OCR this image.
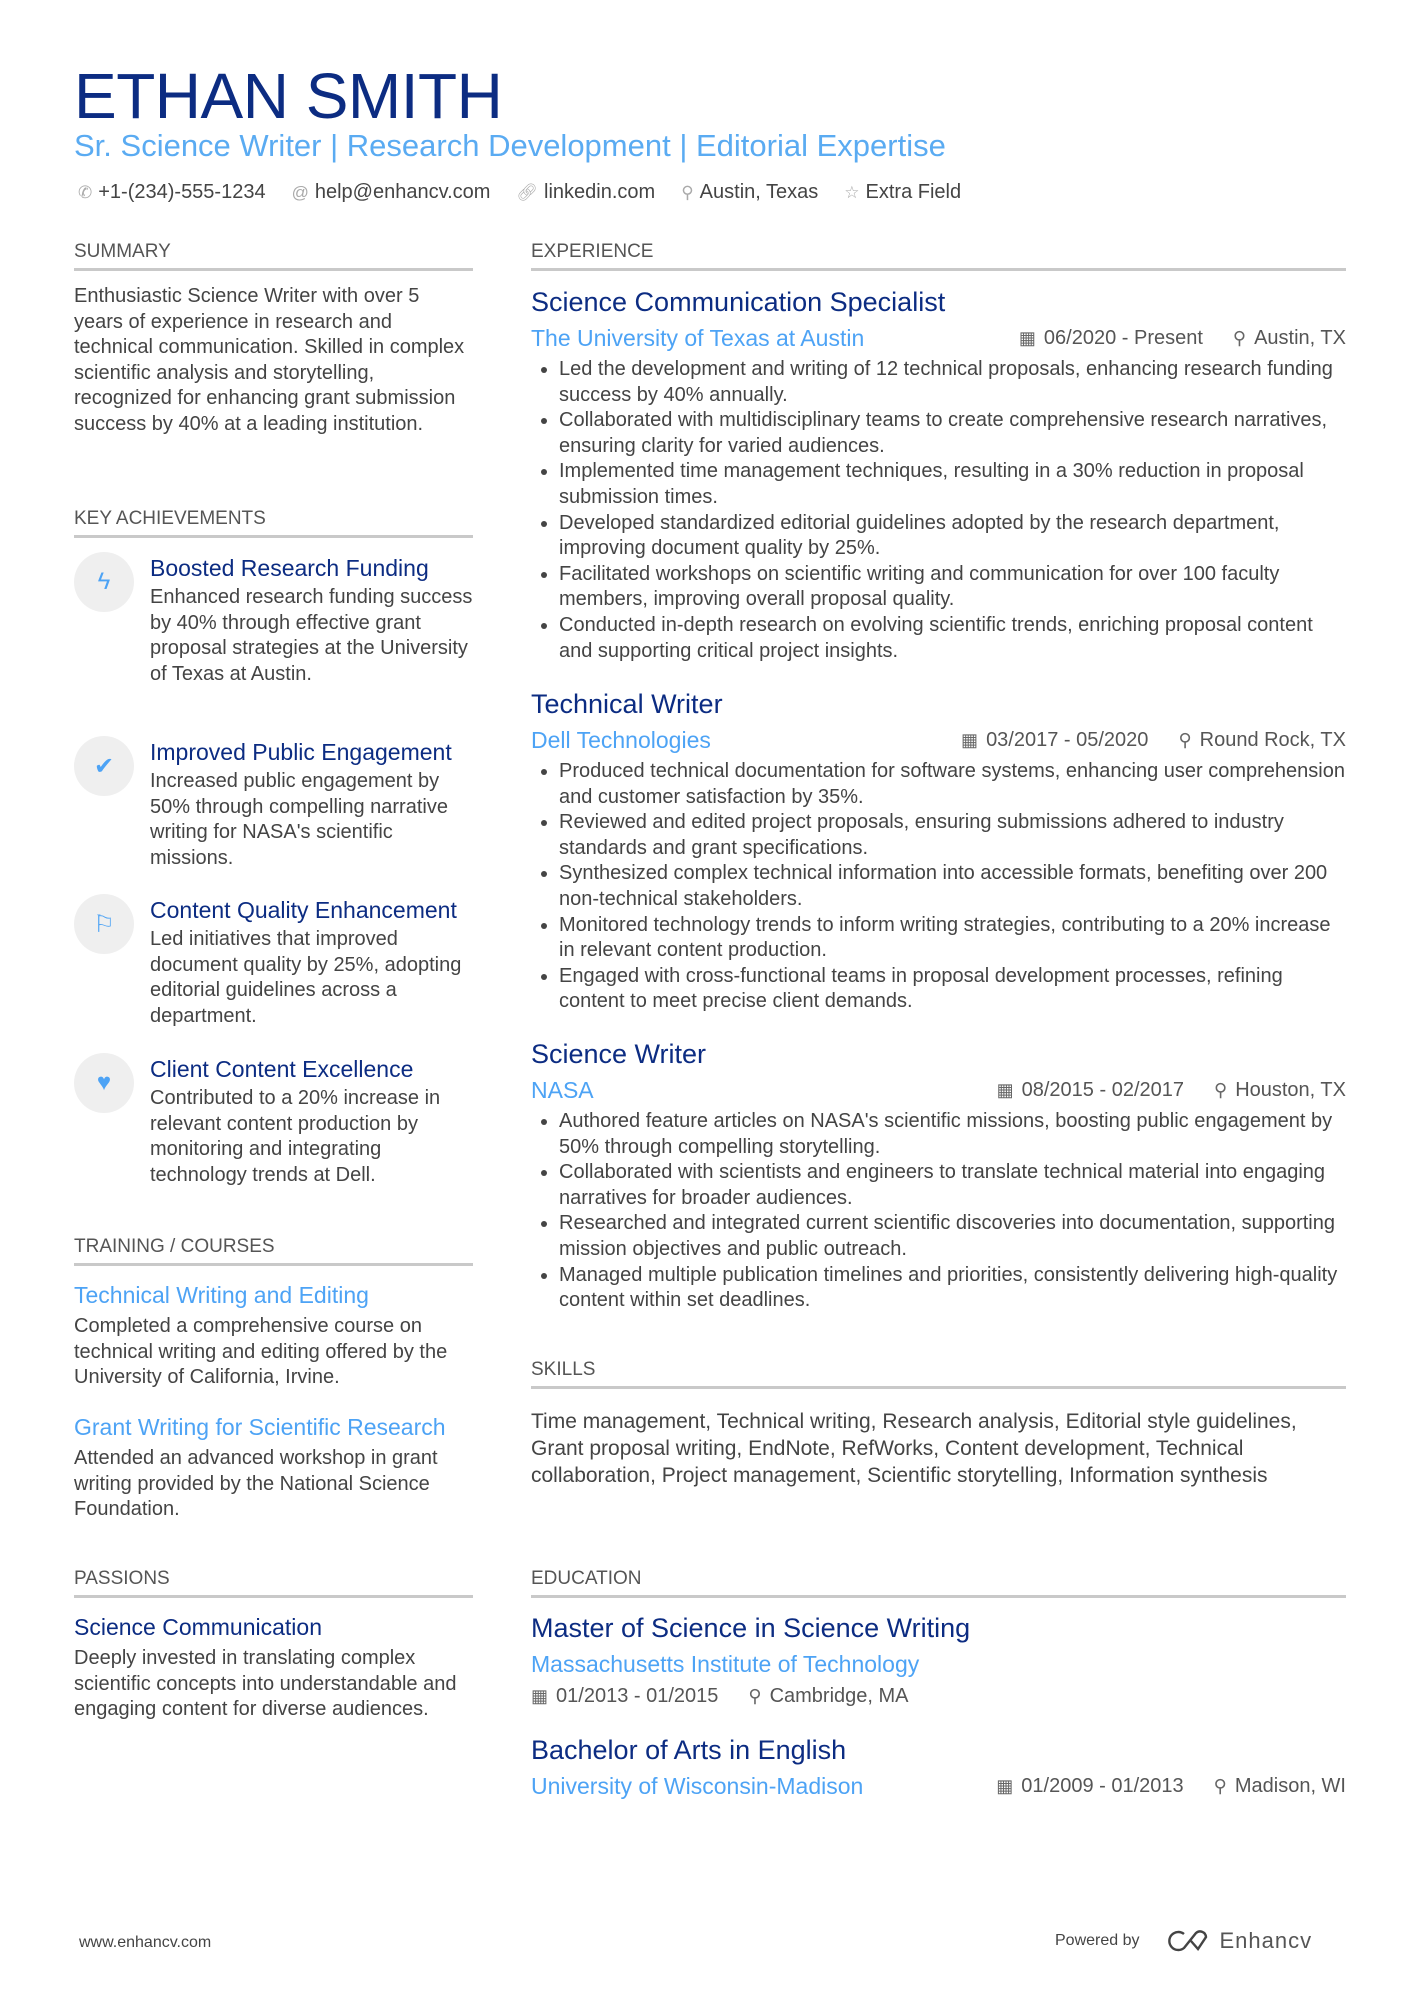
ETHAN SMITH
Sr. Science Writer | Research Development | Editorial Expertise
✆ +1-(234)-555-1234 @ help@enhancv.com 🔗︎ linkedin.com ⚲ Austin, Texas ☆ Extra Field
SUMMARY
Enthusiastic Science Writer with over 5 years of experience in research and technical communication. Skilled in complex scientific analysis and storytelling, recognized for enhancing grant submission success by 40% at a leading institution.
KEY ACHIEVEMENTS
ϟ	Boosted Research Funding
Enhanced research funding success by 40% through effective grant proposal strategies at the University of Texas at Austin.
✔
Improved Public Engagement
Increased public engagement by 50% through compelling narrative writing for NASA's scientific missions.
⚐
Content Quality Enhancement
Led initiatives that improved document quality by 25%, adopting editorial guidelines across a department.
♥	Client Content Excellence
Contributed to a 20% increase in relevant content production by monitoring and integrating technology trends at Dell.
TRAINING / COURSES
Technical Writing and Editing
Completed a comprehensive course on technical writing and editing offered by the University of California, Irvine.
Grant Writing for Scientific Research
Attended an advanced workshop in grant writing provided by the National Science Foundation.
PASSIONS
Science Communication
Deeply invested in translating complex scientific concepts into understandable and engaging content for diverse audiences.
EXPERIENCE
Science Communication Specialist
The University of Texas at Austin	▦ 06/2020 - Present ⚲ Austin, TX
• Led the development and writing of 12 technical proposals, enhancing research funding success by 40% annually.
• Collaborated with multidisciplinary teams to create comprehensive research narratives, ensuring clarity for varied audiences.
• Implemented time management techniques, resulting in a 30% reduction in proposal submission times.
• Developed standardized editorial guidelines adopted by the research department, improving document quality by 25%.
• Facilitated workshops on scientific writing and communication for over 100 faculty members, improving overall proposal quality.
• Conducted in-depth research on evolving scientific trends, enriching proposal content and supporting critical project insights.
Technical Writer
Dell Technologies	▦ 03/2017 - 05/2020 ⚲ Round Rock, TX
• Produced technical documentation for software systems, enhancing user comprehension and customer satisfaction by 35%.
• Reviewed and edited project proposals, ensuring submissions adhered to industry standards and grant specifications.
• Synthesized complex technical information into accessible formats, benefiting over 200 non-technical stakeholders.
• Monitored technology trends to inform writing strategies, contributing to a 20% increase in relevant content production.
• Engaged with cross-functional teams in proposal development processes, refining content to meet precise client demands.
Science Writer
NASA	▦ 08/2015 - 02/2017 ⚲ Houston, TX
• Authored feature articles on NASA's scientific missions, boosting public engagement by 50% through compelling storytelling.
• Collaborated with scientists and engineers to translate technical material into engaging narratives for broader audiences.
• Researched and integrated current scientific discoveries into documentation, supporting mission objectives and public outreach.
• Managed multiple publication timelines and priorities, consistently delivering high-quality content within set deadlines.
SKILLS
Time management, Technical writing, Research analysis, Editorial style guidelines, Grant proposal writing, EndNote, RefWorks, Content development, Technical collaboration, Project management, Scientific storytelling, Information synthesis
EDUCATION
Master of Science in Science Writing
Massachusetts Institute of Technology
▦ 01/2013 - 01/2015 ⚲ Cambridge, MA
Bachelor of Arts in English
University of Wisconsin-Madison	▦ 01/2009 - 01/2013 ⚲ Madison, WI
www.enhancv.com	Powered by	Enhancv
